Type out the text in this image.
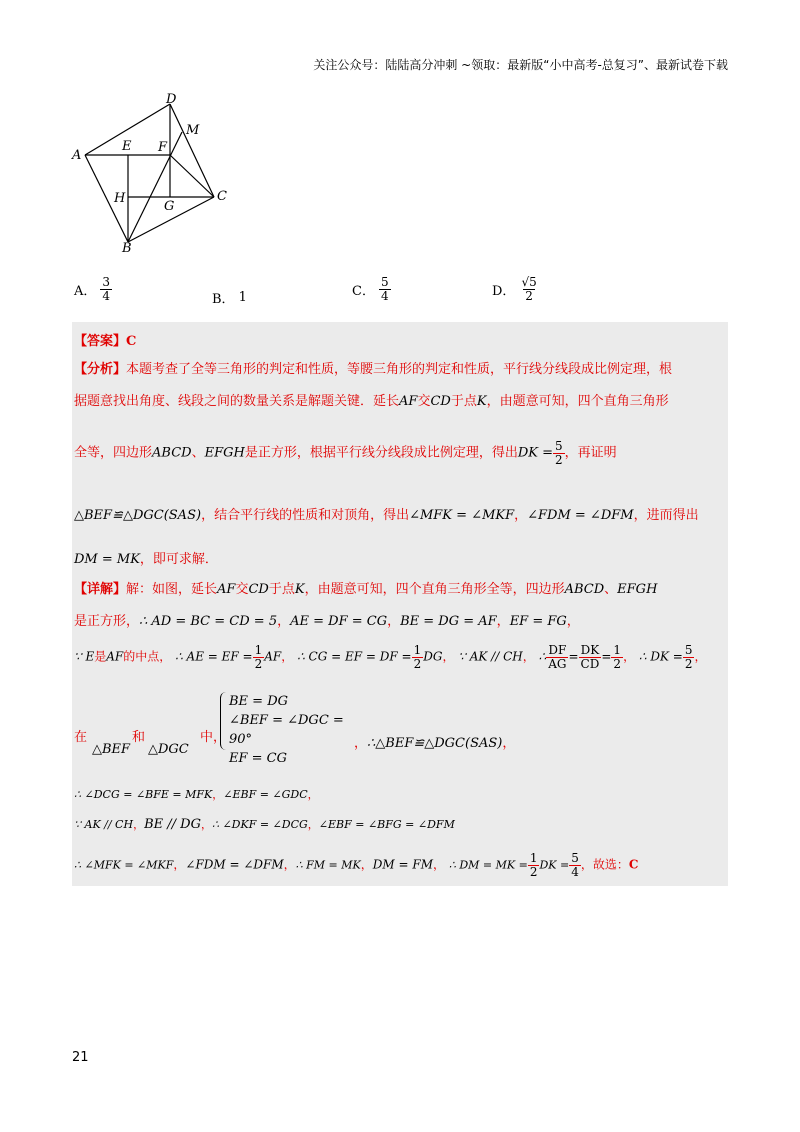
关注公众号：陆陆高分冲刺 ~领取：最新版“小中高考-总复习”、最新试卷下载
A
D
M
E F
H
G
C
B
A． $\frac{3}{4}$	B． 1	C． $\frac{5}{4}$	D． $\frac{√5}{2}$
【答案】C
【分析】本题考查了全等三角形的判定和性质，等腰三角形的判定和性质，平行线分线段成比例定理，根
据题意找出角度、线段之间的数量关系是解题关键．延长AF交CD于点K，由题意可知，四个直角三角形
全等，四边形ABCD、EFGH是正方形，根据平行线分线段成比例定理，得出DK = $\frac{5}{2}$ ，再证明
△BEF≌△DGC(SAS)，结合平行线的性质和对顶角，得出∠MFK = ∠MKF，∠FDM = ∠DFM，进而得出
DM = MK，即可求解．
【详解】解：如图，延长AF交CD于点K，由题意可知，四个直角三角形全等，四边形ABCD、EFGH
是正方形，∴ AD = BC = CD = 5，AE = DF = CG，BE = DG = AF，EF = FG，
∵ E是AF的中点， ∴ AE = EF = $\frac{1}{2}$ AF， ∴ CG = EF = DF = $\frac{1}{2}$ DG， ∵ AK // CH， ∴ $\frac{DF}{AG} = \frac{DK}{CD} = \frac{1}{2}$ ， ∴ DK = $\frac{5}{2}$ ，
在
△BEF
和
△DGC
中，
BE = DG
∠BEF = ∠DGC = 90°
EF = CG
，∴△BEF≌△DGC(SAS)，
∴ ∠DCG = ∠BFE = MFK，∠EBF = ∠GDC，
∵ AK // CH，BE // DG，∴ ∠DKF = ∠DCG，∠EBF = ∠BFG = ∠DFM
∴ ∠MFK = ∠MKF，∠FDM = ∠DFM，∴ FM = MK，DM = FM， ∴ DM = MK = $\frac{1}{2}$ DK = $\frac{5}{4}$ ，故选：C
21
